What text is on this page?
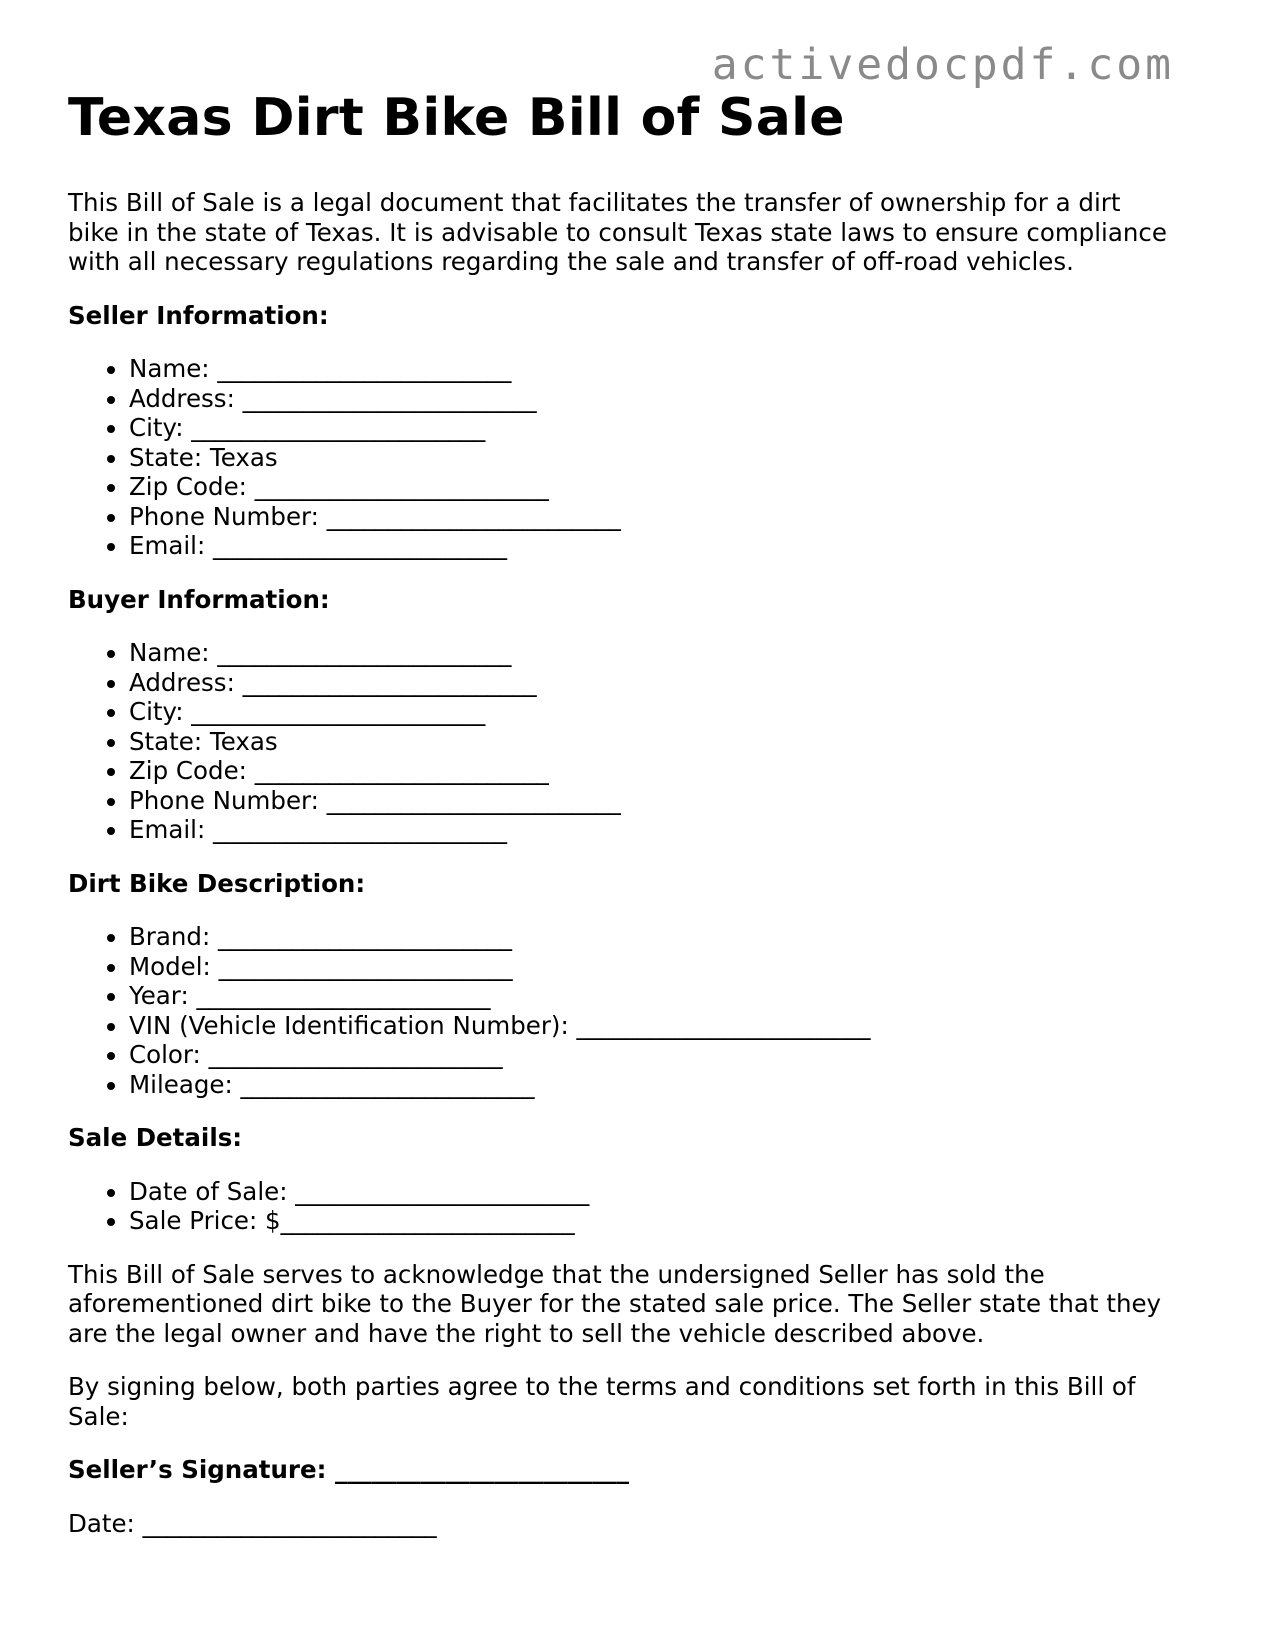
activedocpdf.com
Texas Dirt Bike Bill of Sale

This Bill of Sale is a legal document that facilitates the transfer of ownership for a dirt bike in the state of Texas. It is advisable to consult Texas state laws to ensure compliance with all necessary regulations regarding the sale and transfer of off-road vehicles.

Seller Information:
• Name: ________________________
• Address: ________________________
• City: ________________________
• State: Texas
• Zip Code: ________________________
• Phone Number: ________________________
• Email: ________________________
Buyer Information:
• Name: ________________________
• Address: ________________________
• City: ________________________
• State: Texas
• Zip Code: ________________________
• Phone Number: ________________________
• Email: ________________________
Dirt Bike Description:
• Brand: ________________________
• Model: ________________________
• Year: ________________________
• VIN (Vehicle Identification Number): ________________________
• Color: ________________________
• Mileage: ________________________
Sale Details:
• Date of Sale: ________________________
• Sale Price: $________________________

This Bill of Sale serves to acknowledge that the undersigned Seller has sold the aforementioned dirt bike to the Buyer for the stated sale price. The Seller state that they are the legal owner and have the right to sell the vehicle described above.

By signing below, both parties agree to the terms and conditions set forth in this Bill of Sale:

Seller’s Signature: ________________________

Date: ________________________
